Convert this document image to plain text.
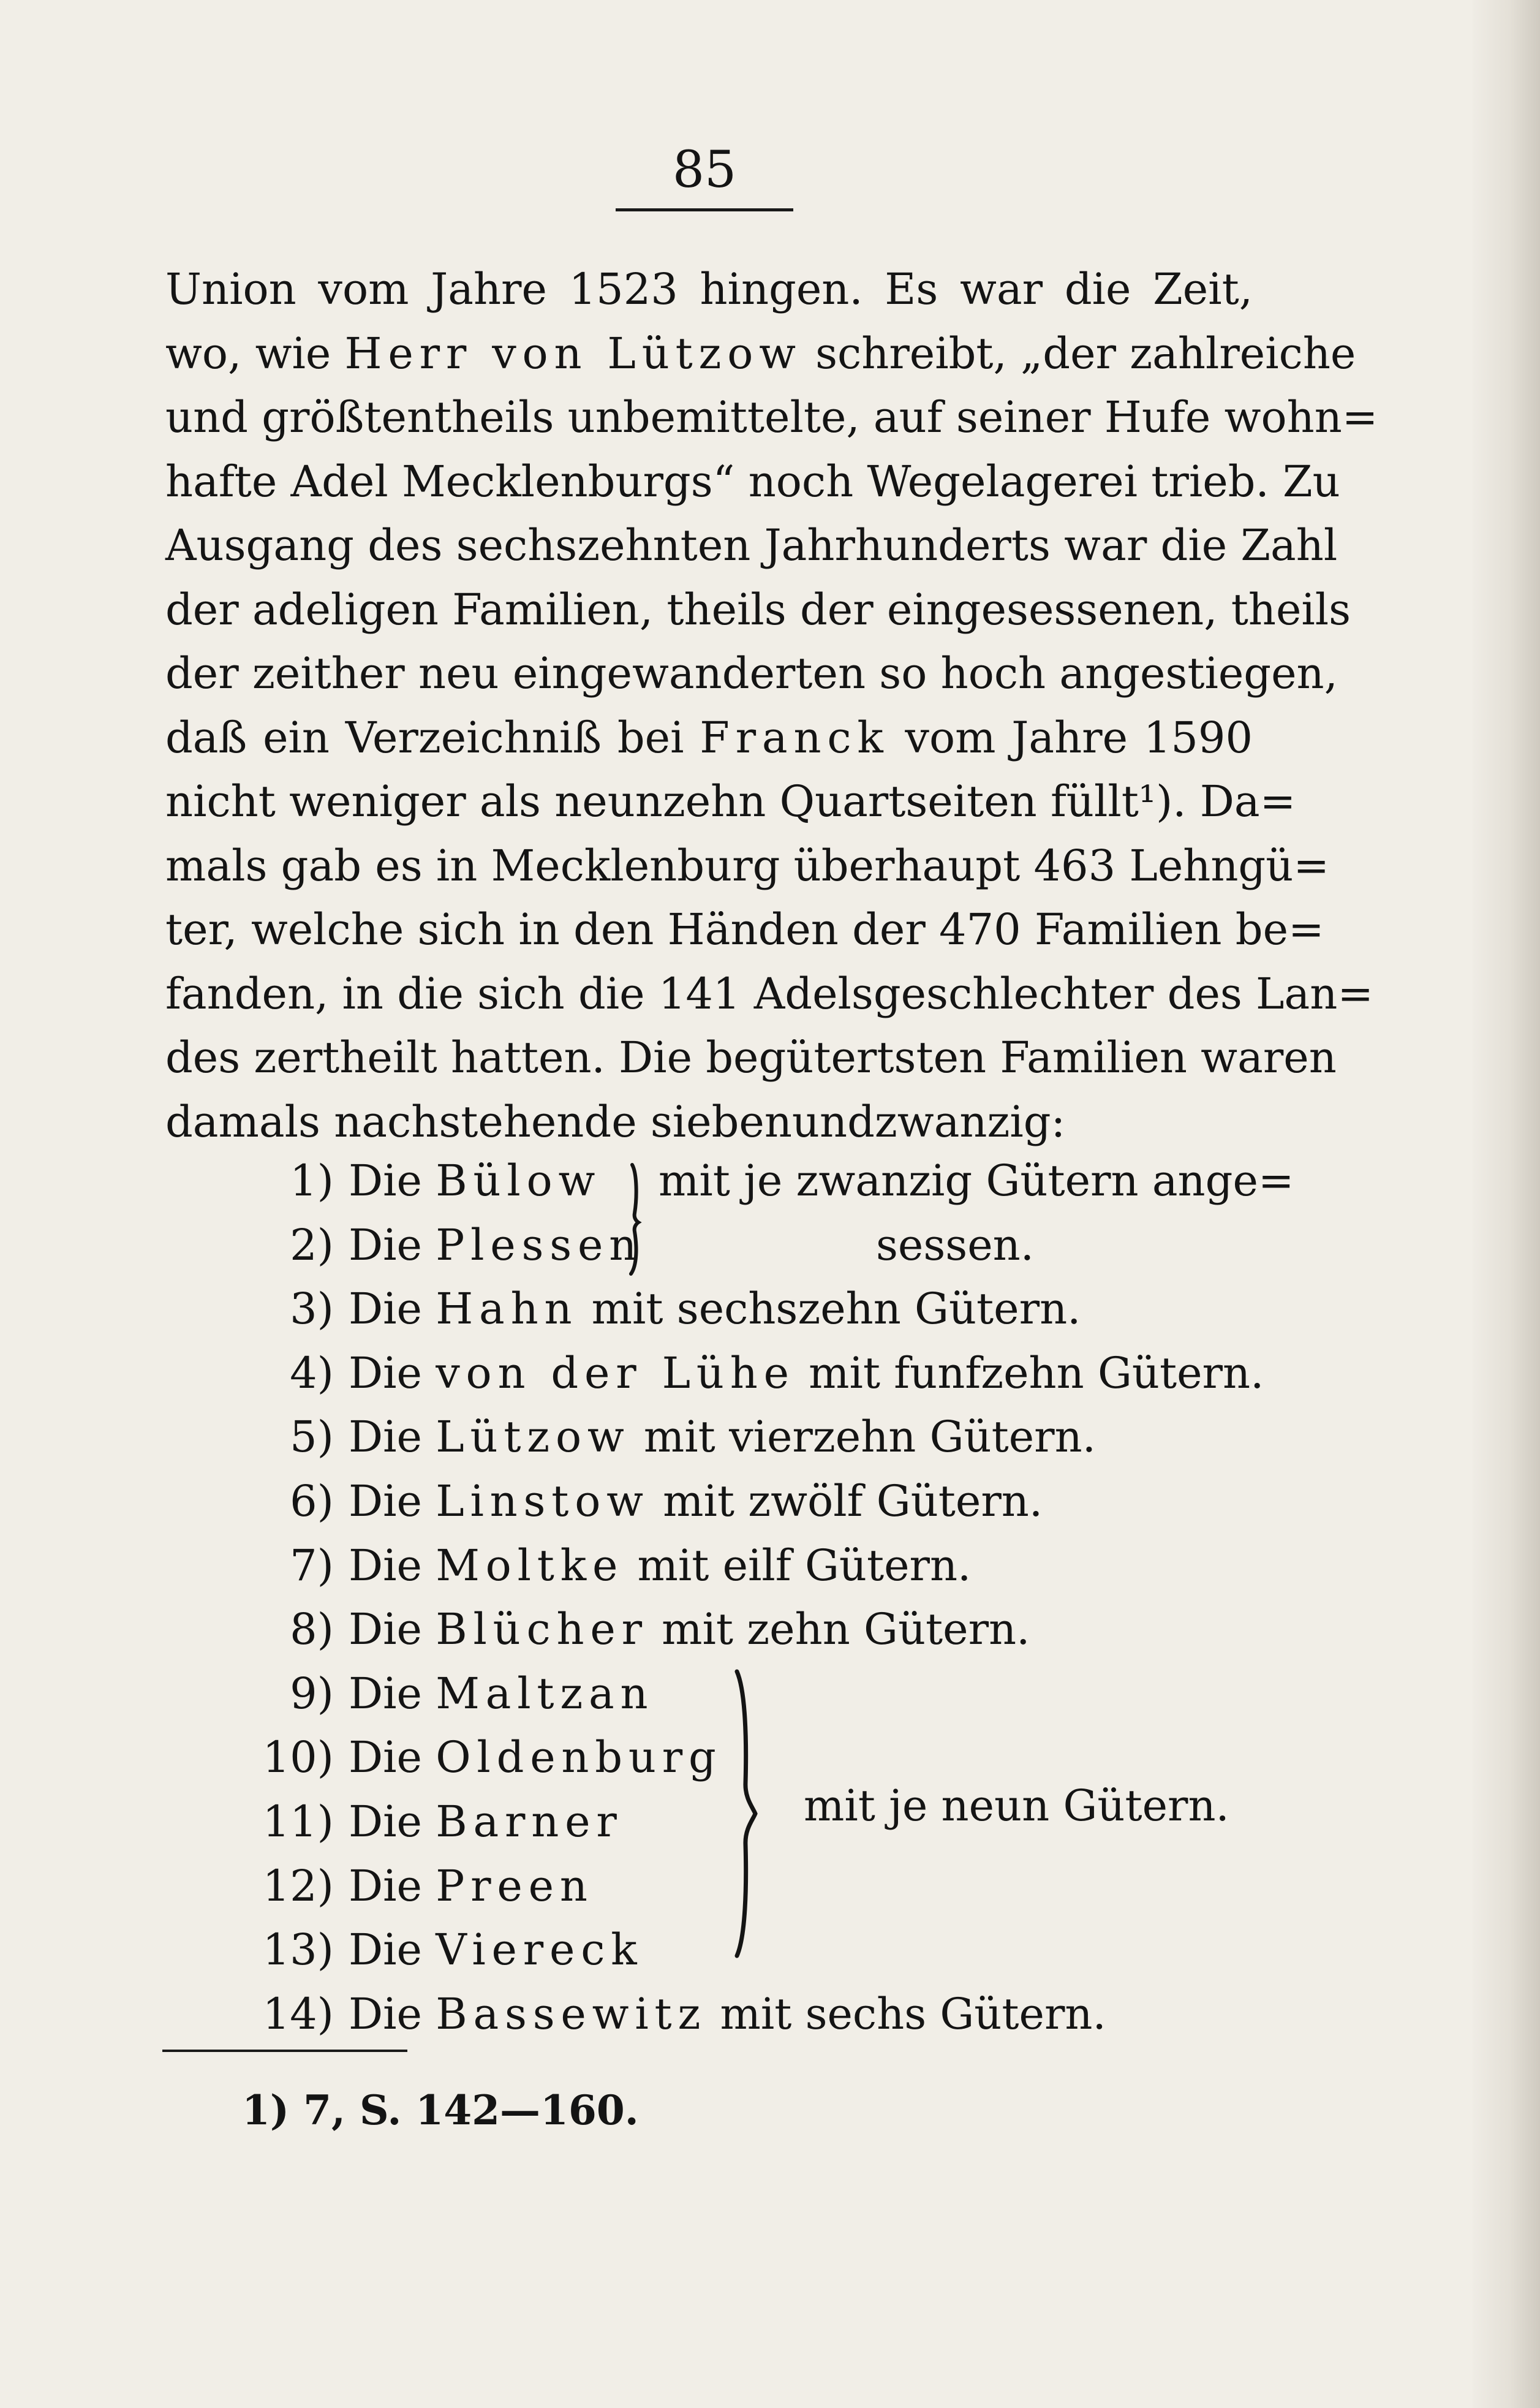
85
Union vom Jahre 1523 hingen. Es war die Zeit,
wo, wie Herr von Lützow schreibt, „der zahlreiche
und größtentheils unbemittelte, auf seiner Hufe wohn=
hafte Adel Mecklenburgs“ noch Wegelagerei trieb. Zu
Ausgang des sechszehnten Jahrhunderts war die Zahl
der adeligen Familien, theils der eingesessenen, theils
der zeither neu eingewanderten so hoch angestiegen,
daß ein Verzeichniß bei Franck vom Jahre 1590
nicht weniger als neunzehn Quartseiten füllt¹). Da=
mals gab es in Mecklenburg überhaupt 463 Lehngü=
ter, welche sich in den Händen der 470 Familien be=
fanden, in die sich die 141 Adelsgeschlechter des Lan=
des zertheilt hatten. Die begütertsten Familien waren
damals nachstehende siebenundzwanzig:
1) Die Bülow
2) Die Plessen
3) Die Hahn mit sechszehn Gütern.
4) Die von der Lühe mit funfzehn Gütern.
5) Die Lützow mit vierzehn Gütern.
6) Die Linstow mit zwölf Gütern.
7) Die Moltke mit eilf Gütern.
8) Die Blücher mit zehn Gütern.
9) Die Maltzan
10) Die Oldenburg
11) Die Barner
12) Die Preen
13) Die Viereck
14) Die Bassewitz mit sechs Gütern.
mit je zwanzig Gütern ange=
sessen.
mit je neun Gütern.
1) 7, S. 142—160.
